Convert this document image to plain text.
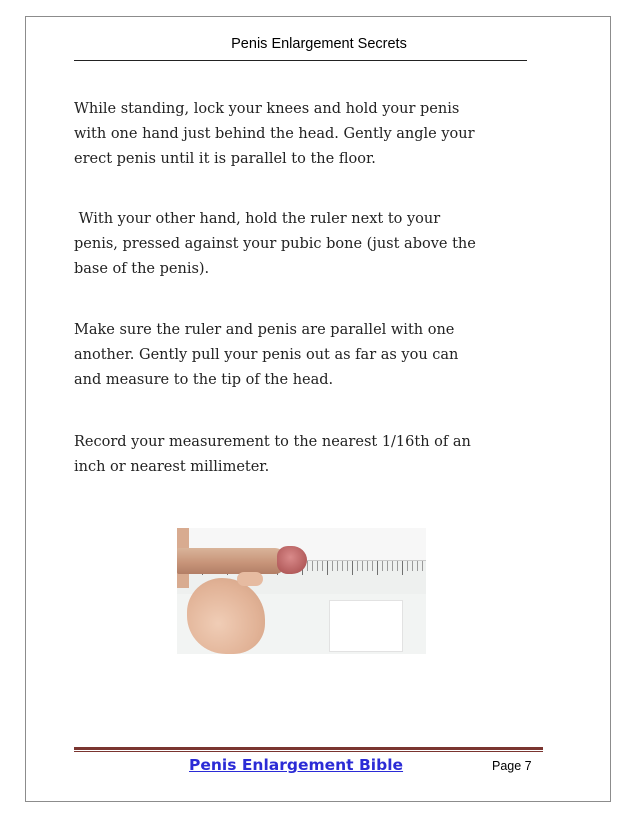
Penis Enlargement Secrets

While standing, lock your knees and hold your penis
with one hand just behind the head. Gently angle your
erect penis until it is parallel to the floor.

With your other hand, hold the ruler next to your
penis, pressed against your pubic bone (just above the
base of the penis).

Make sure the ruler and penis are parallel with one
another. Gently pull your penis out as far as you can
and measure to the tip of the head.

Record your measurement to the nearest 1/16th of an
inch or nearest millimeter.

Penis Enlargement Bible	Page 7
